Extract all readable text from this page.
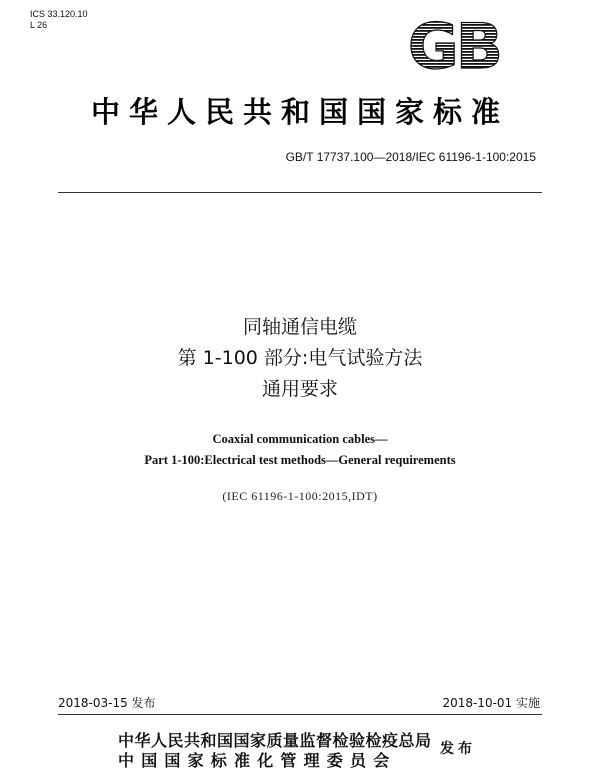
ICS 33.120.10
L 26	GB
中华人民共和国国家标准
GB/T 17737.100—2018/IEC 61196-1-100:2015
同轴通信电缆
第 1-100 部分:电气试验方法
通用要求
Coaxial communication cables—
Part 1-100:Electrical test methods—General requirements
(IEC 61196-1-100:2015,IDT)
2018-03-15 发布	2018-10-01 实施
中华人民共和国国家质量监督检验检疫总局
中国国家标准化管理委员会
发布
